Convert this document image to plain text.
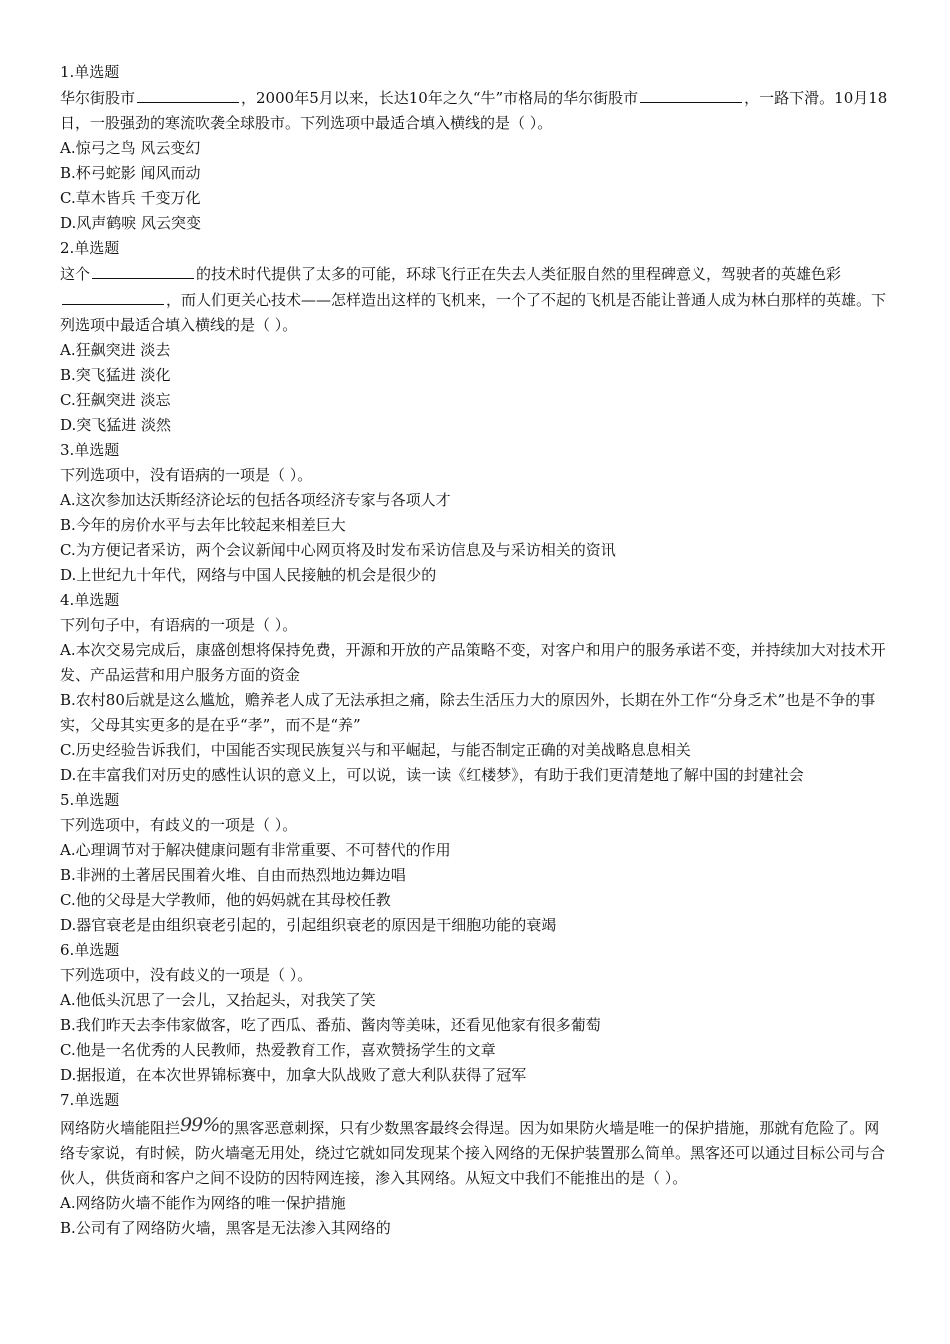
1.单选题

华尔街股市	，2000年5月以来，长达10年之久“牛”市格局的华尔街股市	，一路下滑。10月18日，一股强劲的寒流吹袭全球股市。下列选项中最适合填入横线的是（ ）。

A.惊弓之鸟 风云变幻

B.杯弓蛇影 闻风而动

C.草木皆兵 千变万化

D.风声鹤唳 风云突变

2.单选题

这个	的技术时代提供了太多的可能，环球飞行正在失去人类征服自然的里程碑意义，驾驶者的英雄色彩，而人们更关心技术——怎样造出这样的飞机来，一个了不起的飞机是否能让普通人成为林白那样的英雄。下列选项中最适合填入横线的是（ ）。

A.狂飙突进 淡去

B.突飞猛进 淡化

C.狂飙突进 淡忘

D.突飞猛进 淡然

3.单选题

下列选项中，没有语病的一项是（ ）。

A.这次参加达沃斯经济论坛的包括各项经济专家与各项人才

B.今年的房价水平与去年比较起来相差巨大

C.为方便记者采访，两个会议新闻中心网页将及时发布采访信息及与采访相关的资讯

D.上世纪九十年代，网络与中国人民接触的机会是很少的

4.单选题

下列句子中，有语病的一项是（ ）。

A.本次交易完成后，康盛创想将保持免费，开源和开放的产品策略不变，对客户和用户的服务承诺不变，并持续加大对技术开发、产品运营和用户服务方面的资金

B.农村80后就是这么尴尬，赡养老人成了无法承担之痛，除去生活压力大的原因外，长期在外工作“分身乏术”也是不争的事实，父母其实更多的是在乎“孝”，而不是“养”

C.历史经验告诉我们，中国能否实现民族复兴与和平崛起，与能否制定正确的对美战略息息相关

D.在丰富我们对历史的感性认识的意义上，可以说，读一读《红楼梦》，有助于我们更清楚地了解中国的封建社会

5.单选题

下列选项中，有歧义的一项是（ ）。

A.心理调节对于解决健康问题有非常重要、不可替代的作用

B.非洲的土著居民围着火堆、自由而热烈地边舞边唱

C.他的父母是大学教师，他的妈妈就在其母校任教

D.器官衰老是由组织衰老引起的，引起组织衰老的原因是干细胞功能的衰竭

6.单选题

下列选项中，没有歧义的一项是（ ）。

A.他低头沉思了一会儿，又抬起头，对我笑了笑

B.我们昨天去李伟家做客，吃了西瓜、番茄、酱肉等美味，还看见他家有很多葡萄

C.他是一名优秀的人民教师，热爱教育工作，喜欢赞扬学生的文章

D.据报道，在本次世界锦标赛中，加拿大队战败了意大利队获得了冠军

7.单选题

网络防火墙能阻拦99%的黑客恶意刺探，只有少数黑客最终会得逞。因为如果防火墙是唯一的保护措施，那就有危险了。网络专家说，有时候，防火墙毫无用处，绕过它就如同发现某个接入网络的无保护装置那么简单。黑客还可以通过目标公司与合伙人，供货商和客户之间不设防的因特网连接，渗入其网络。从短文中我们不能推出的是（ ）。

A.网络防火墙不能作为网络的唯一保护措施

B.公司有了网络防火墙，黑客是无法渗入其网络的
